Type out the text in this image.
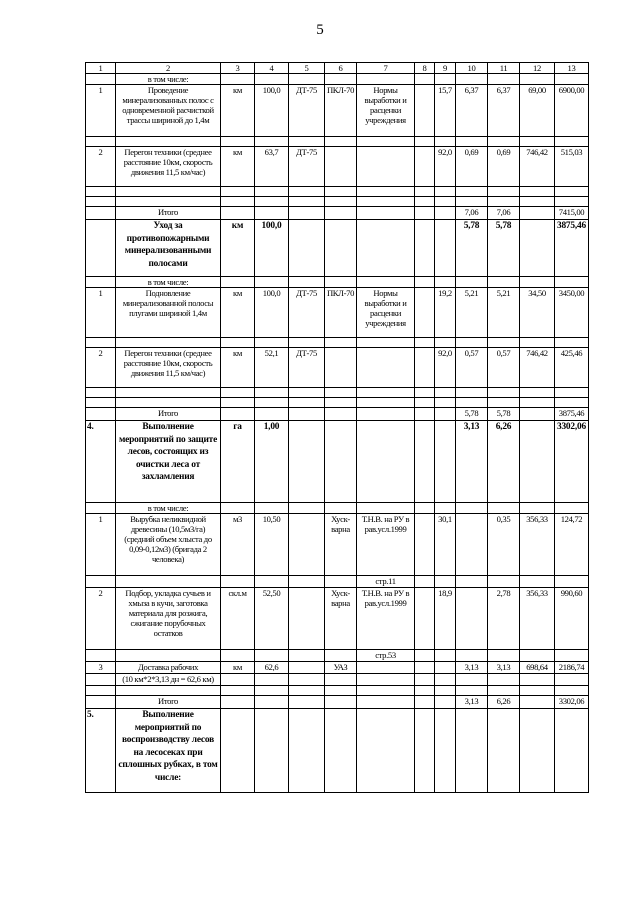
5
1	2	3	4	5	6	7	8	9	10	11	12	13
	в том числе:											
1	Проведение минерализованных полос с одновременной расчисткой трассы шириной до 1,4м	км	100,0	ДТ-75	ПКЛ-70	Нормы выработки и расценки учреждения		15,7	6,37	6,37	69,00	6900,00

2	Перегон техники (среднее расстояние 10км, скорость движения 11,5 км/час)	км	63,7	ДТ-75				92,0	0,69	0,69	746,42	515,03

	Итого								7,06	7,06		7415,00
	Уход за противопожарными минерализованными полосами	км	100,0						5,78	5,78		3875,46
	в том числе:											
1	Подновление минерализованной полосы плугами шириной 1,4м	км	100,0	ДТ-75	ПКЛ-70	Нормы выработки и расценки учреждения		19,2	5,21	5,21	34,50	3450,00

2	Перегон техники (среднее расстояние 10км, скорость движения 11,5 км/час)	км	52,1	ДТ-75				92,0	0,57	0,57	746,42	425,46

	Итого								5,78	5,78		3875,46
4.	Выполнение мероприятий по защите лесов, состоящих из очистки леса от захламления	га	1,00						3,13	6,26		3302,06
	в том числе:											
1	Вырубка нeликвидной древесины (10,5м3/га) (средний объем хлыста до 0,09-0,12м3) (бригада 2 человека)	м3	10,50		Хуск-варна	Т.Н.В. на РУ в рав.усл.1999		30,1		0,35	356,33	124,72
						стр.11						
2	Подбор, укладка сучьев и хмыза в кучи, заготовка материала для розжига, сжигание порубочных остатков	скл.м	52,50		Хуск-варна	Т.Н.В. на РУ в рав.усл.1999		18,9		2,78	356,33	990,60
						стр.53						
3	Доставка рабочих	км	62,6		УАЗ				3,13	3,13	698,64	2186,74
	(10 км*2*3,13 дн = 62,6 км)											

	Итого								3,13	6,26		3302,06
5.	Выполнение мероприятий по воспроизводству лесов на лесосеках при сплошных рубках, в том числе:											
